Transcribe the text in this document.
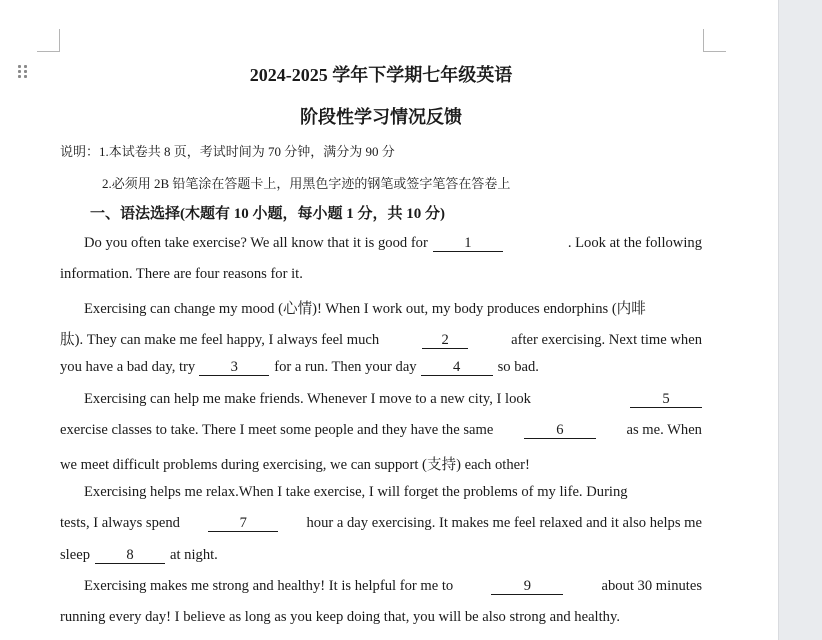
2024-2025 学年下学期七年级英语
阶段性学习情况反馈
说明：1.本试卷共 8 页，考试时间为 70 分钟，满分为 90 分
2.必须用 2B 铅笔涂在答题卡上，用黑色字迹的钢笔或签字笔答在答卷上
一、语法选择(木题有 10 小题，每小题 1 分，共 10 分)
Do you often take exercise? We all know that it is good for	1	. Look at the following
information. There are four reasons for it.
Exercising can change my mood (心情)! When I work out, my body produces endorphins (内啡
肽). They can make me feel happy, I always feel much	2	after exercising. Next time when
you have a bad day, try	3	for a run. Then your day	4	so bad.
Exercising can help me make friends. Whenever I move to a new city, I look	5
exercise classes to take. There I meet some people and they have the same	6	as me. When
we meet difficult problems during exercising, we can support (支持) each other!
Exercising helps me relax.When I take exercise, I will forget the problems of my life. During
tests, I always spend	7	hour a day exercising. It makes me feel relaxed and it also helps me
sleep	8	at night.
Exercising makes me strong and healthy! It is helpful for me to	9	about 30 minutes
running every day! I believe as long as you keep doing that, you will be also strong and healthy.
